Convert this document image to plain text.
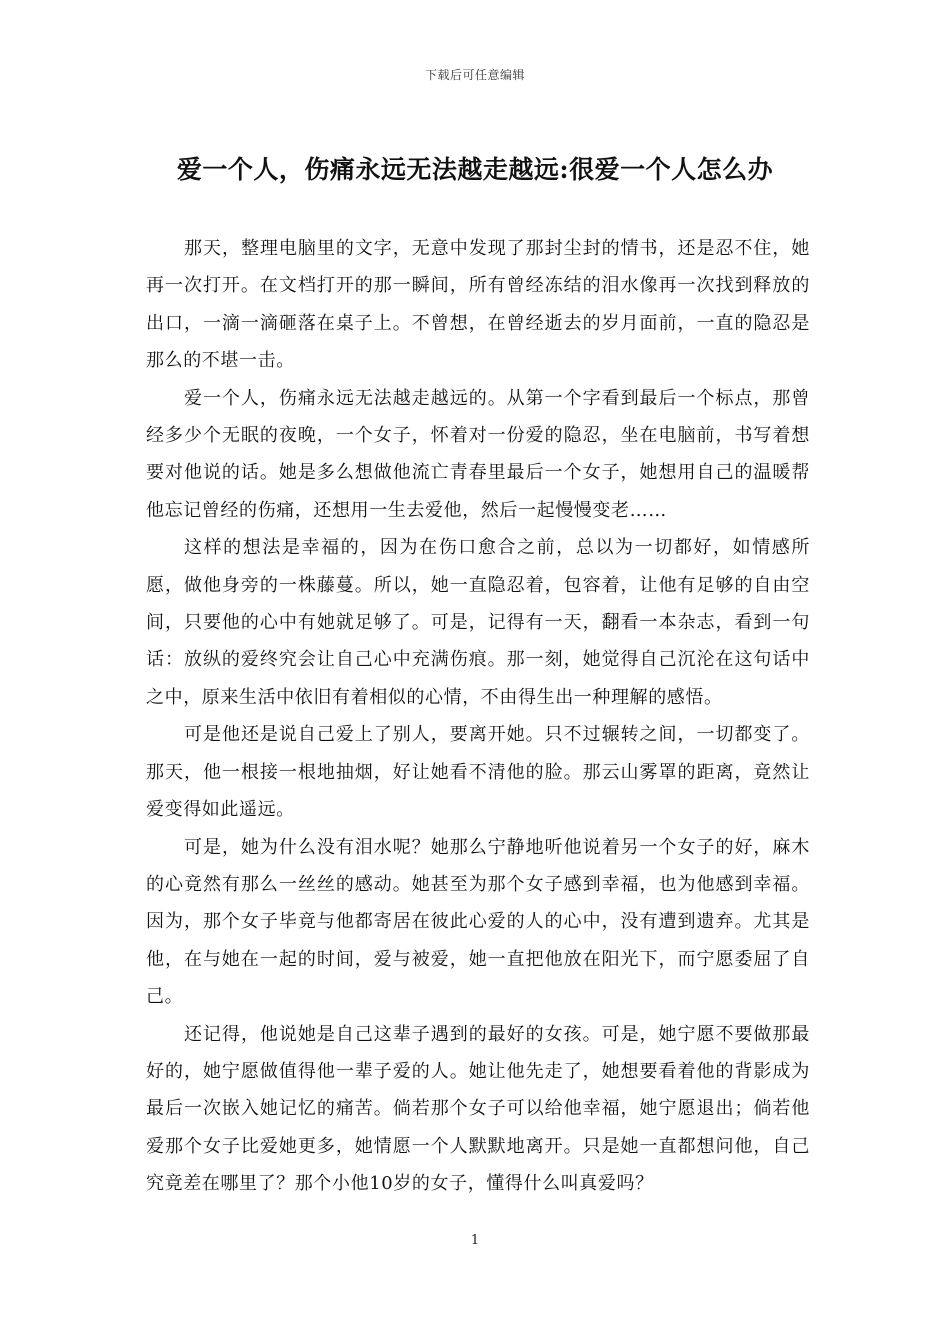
下载后可任意编辑
爱一个人，伤痛永远无法越走越远:很爱一个人怎么办

那天，整理电脑里的文字，无意中发现了那封尘封的情书，还是忍不住，她再一次打开。在文档打开的那一瞬间，所有曾经冻结的泪水像再一次找到释放的出口，一滴一滴砸落在桌子上。不曾想，在曾经逝去的岁月面前，一直的隐忍是那么的不堪一击。

爱一个人，伤痛永远无法越走越远的。从第一个字看到最后一个标点，那曾经多少个无眠的夜晚，一个女子，怀着对一份爱的隐忍，坐在电脑前，书写着想要对他说的话。她是多么想做他流亡青春里最后一个女子，她想用自己的温暖帮他忘记曾经的伤痛，还想用一生去爱他，然后一起慢慢变老……

这样的想法是幸福的，因为在伤口愈合之前，总以为一切都好，如情感所愿，做他身旁的一株藤蔓。所以，她一直隐忍着，包容着，让他有足够的自由空间，只要他的心中有她就足够了。可是，记得有一天，翻看一本杂志，看到一句话：放纵的爱终究会让自己心中充满伤痕。那一刻，她觉得自己沉沦在这句话中之中，原来生活中依旧有着相似的心情，不由得生出一种理解的感悟。

可是他还是说自己爱上了别人，要离开她。只不过辗转之间，一切都变了。那天，他一根接一根地抽烟，好让她看不清他的脸。那云山雾罩的距离，竟然让爱变得如此遥远。

可是，她为什么没有泪水呢？她那么宁静地听他说着另一个女子的好，麻木的心竟然有那么一丝丝的感动。她甚至为那个女子感到幸福，也为他感到幸福。因为，那个女子毕竟与他都寄居在彼此心爱的人的心中，没有遭到遗弃。尤其是他，在与她在一起的时间，爱与被爱，她一直把他放在阳光下，而宁愿委屈了自己。

还记得，他说她是自己这辈子遇到的最好的女孩。可是，她宁愿不要做那最好的，她宁愿做值得他一辈子爱的人。她让他先走了，她想要看着他的背影成为最后一次嵌入她记忆的痛苦。倘若那个女子可以给他幸福，她宁愿退出；倘若他爱那个女子比爱她更多，她情愿一个人默默地离开。只是她一直都想问他，自己究竟差在哪里了？那个小他10岁的女子，懂得什么叫真爱吗？

1
